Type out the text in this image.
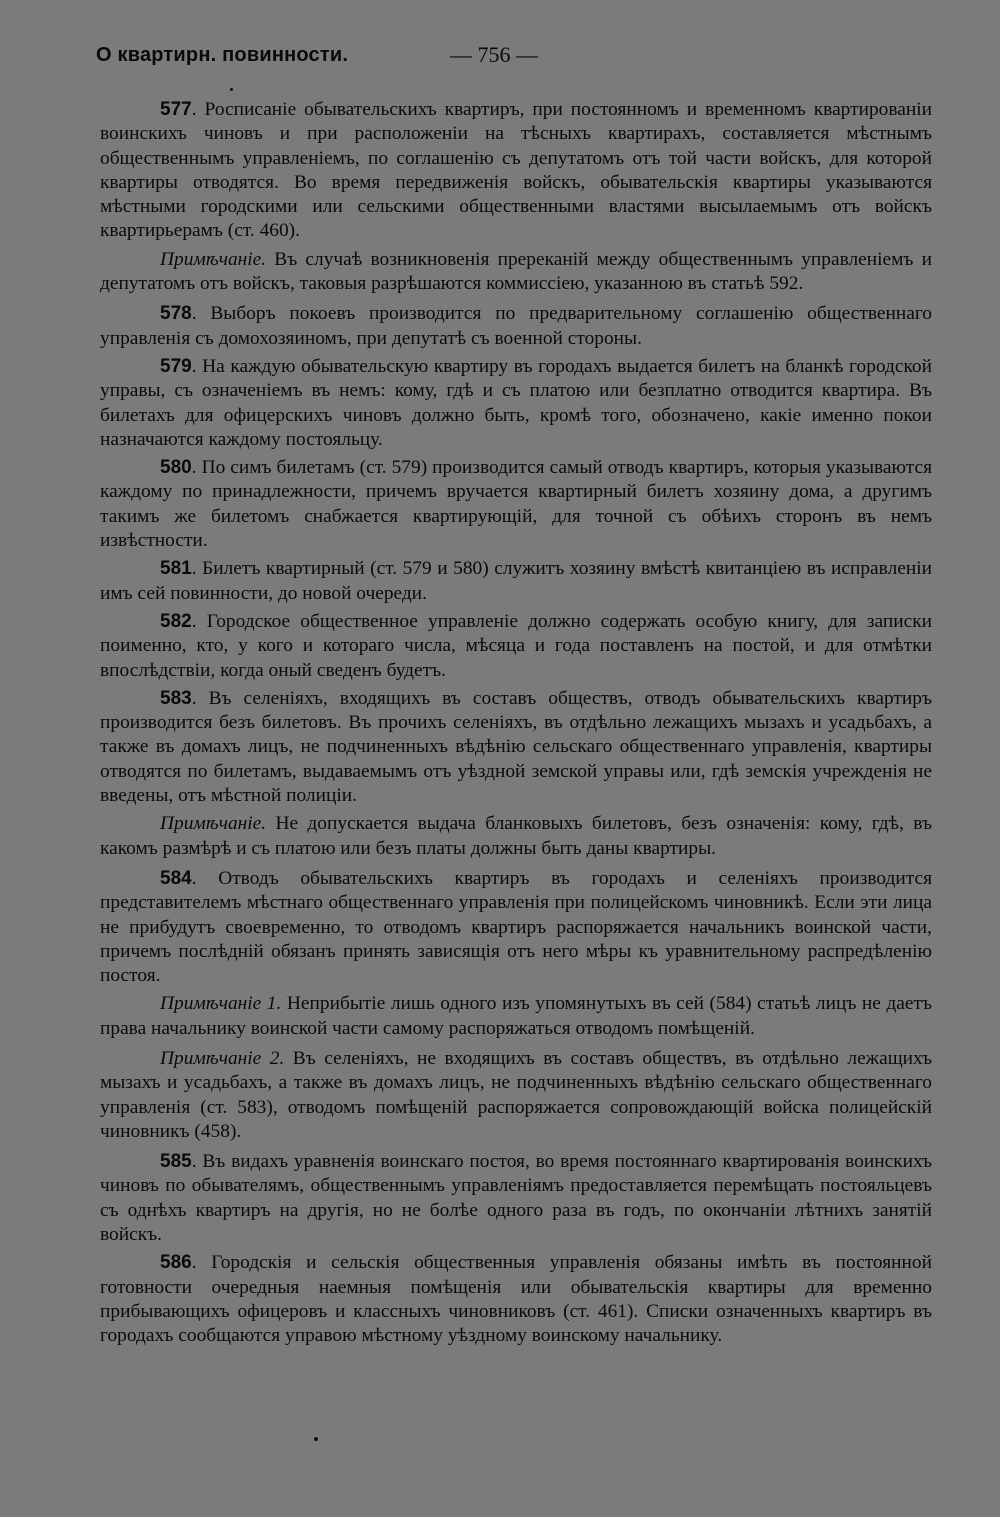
О квартирн. повинности.	— 756 —

577. Росписаніе обывательскихъ квартиръ, при постоянномъ и временномъ квартированіи воинскихъ чиновъ и при расположеніи на тѣсныхъ квартирахъ, составляется мѣстнымъ общественнымъ управленіемъ, по соглашенію съ депутатомъ отъ той части войскъ, для которой квартиры отводятся. Во время передвиженія войскъ, обывательскія квартиры указываются мѣстными городскими или сельскими общественными властями высылаемымъ отъ войскъ квартирьерамъ (ст. 460).

Примѣчаніе. Въ случаѣ возникновенія пререканій между общественнымъ управленіемъ и депутатомъ отъ войскъ, таковыя разрѣшаются коммиссіею, указанною въ статьѣ 592.

578. Выборъ покоевъ производится по предварительному соглашенію общественнаго управленія съ домохозяиномъ, при депутатѣ съ военной стороны.

579. На каждую обывательскую квартиру въ городахъ выдается билетъ на бланкѣ городской управы, съ означеніемъ въ немъ: кому, гдѣ и съ платою или безплатно отводится квартира. Въ билетахъ для офицерскихъ чиновъ должно быть, кромѣ того, обозначено, какіе именно покои назначаются каждому постояльцу.

580. По симъ билетамъ (ст. 579) производится самый отводъ квартиръ, которыя указываются каждому по принадлежности, причемъ вручается квартирный билетъ хозяину дома, а другимъ такимъ же билетомъ снабжается квартирующій, для точной съ обѣихъ сторонъ въ немъ извѣстности.

581. Билетъ квартирный (ст. 579 и 580) служитъ хозяину вмѣстѣ квитанціею въ исправленіи имъ сей повинности, до новой очереди.

582. Городское общественное управленіе должно содержать особую книгу, для записки поименно, кто, у кого и котораго числа, мѣсяца и года поставленъ на постой, и для отмѣтки впослѣдствіи, когда оный сведенъ будетъ.

583. Въ селеніяхъ, входящихъ въ составъ обществъ, отводъ обывательскихъ квартиръ производится безъ билетовъ. Въ прочихъ селеніяхъ, въ отдѣльно лежащихъ мызахъ и усадьбахъ, а также въ домахъ лицъ, не подчиненныхъ вѣдѣнію сельскаго общественнаго управленія, квартиры отводятся по билетамъ, выдаваемымъ отъ уѣздной земской управы или, гдѣ земскія учрежденія не введены, отъ мѣстной полиціи.

Примѣчаніе. Не допускается выдача бланковыхъ билетовъ, безъ означенія: кому, гдѣ, въ какомъ размѣрѣ и съ платою или безъ платы должны быть даны квартиры.

584. Отводъ обывательскихъ квартиръ въ городахъ и селеніяхъ производится представителемъ мѣстнаго общественнаго управленія при полицейскомъ чиновникѣ. Если эти лица не прибудутъ своевременно, то отводомъ квартиръ распоряжается начальникъ воинской части, причемъ послѣдній обязанъ принять зависящія отъ него мѣры къ уравнительному распредѣленію постоя.

Примѣчаніе 1. Неприбытіе лишь одного изъ упомянутыхъ въ сей (584) статьѣ лицъ не даетъ права начальнику воинской части самому распоряжаться отводомъ помѣщеній.

Примѣчаніе 2. Въ селеніяхъ, не входящихъ въ составъ обществъ, въ отдѣльно лежащихъ мызахъ и усадьбахъ, а также въ домахъ лицъ, не подчиненныхъ вѣдѣнію сельскаго общественнаго управленія (ст. 583), отводомъ помѣщеній распоряжается сопровождающій войска полицейскій чиновникъ (458).

585. Въ видахъ уравненія воинскаго постоя, во время постояннаго квартированія воинскихъ чиновъ по обывателямъ, общественнымъ управленіямъ предоставляется перемѣщать постояльцевъ съ однѣхъ квартиръ на другія, но не болѣе одного раза въ годъ, по окончаніи лѣтнихъ занятій войскъ.

586. Городскія и сельскія общественныя управленія обязаны имѣть въ постоянной готовности очередныя наемныя помѣщенія или обывательскія квартиры для временно прибывающихъ офицеровъ и классныхъ чиновниковъ (ст. 461). Списки означенныхъ квартиръ въ городахъ сообщаются управою мѣстному уѣздному воинскому начальнику.
